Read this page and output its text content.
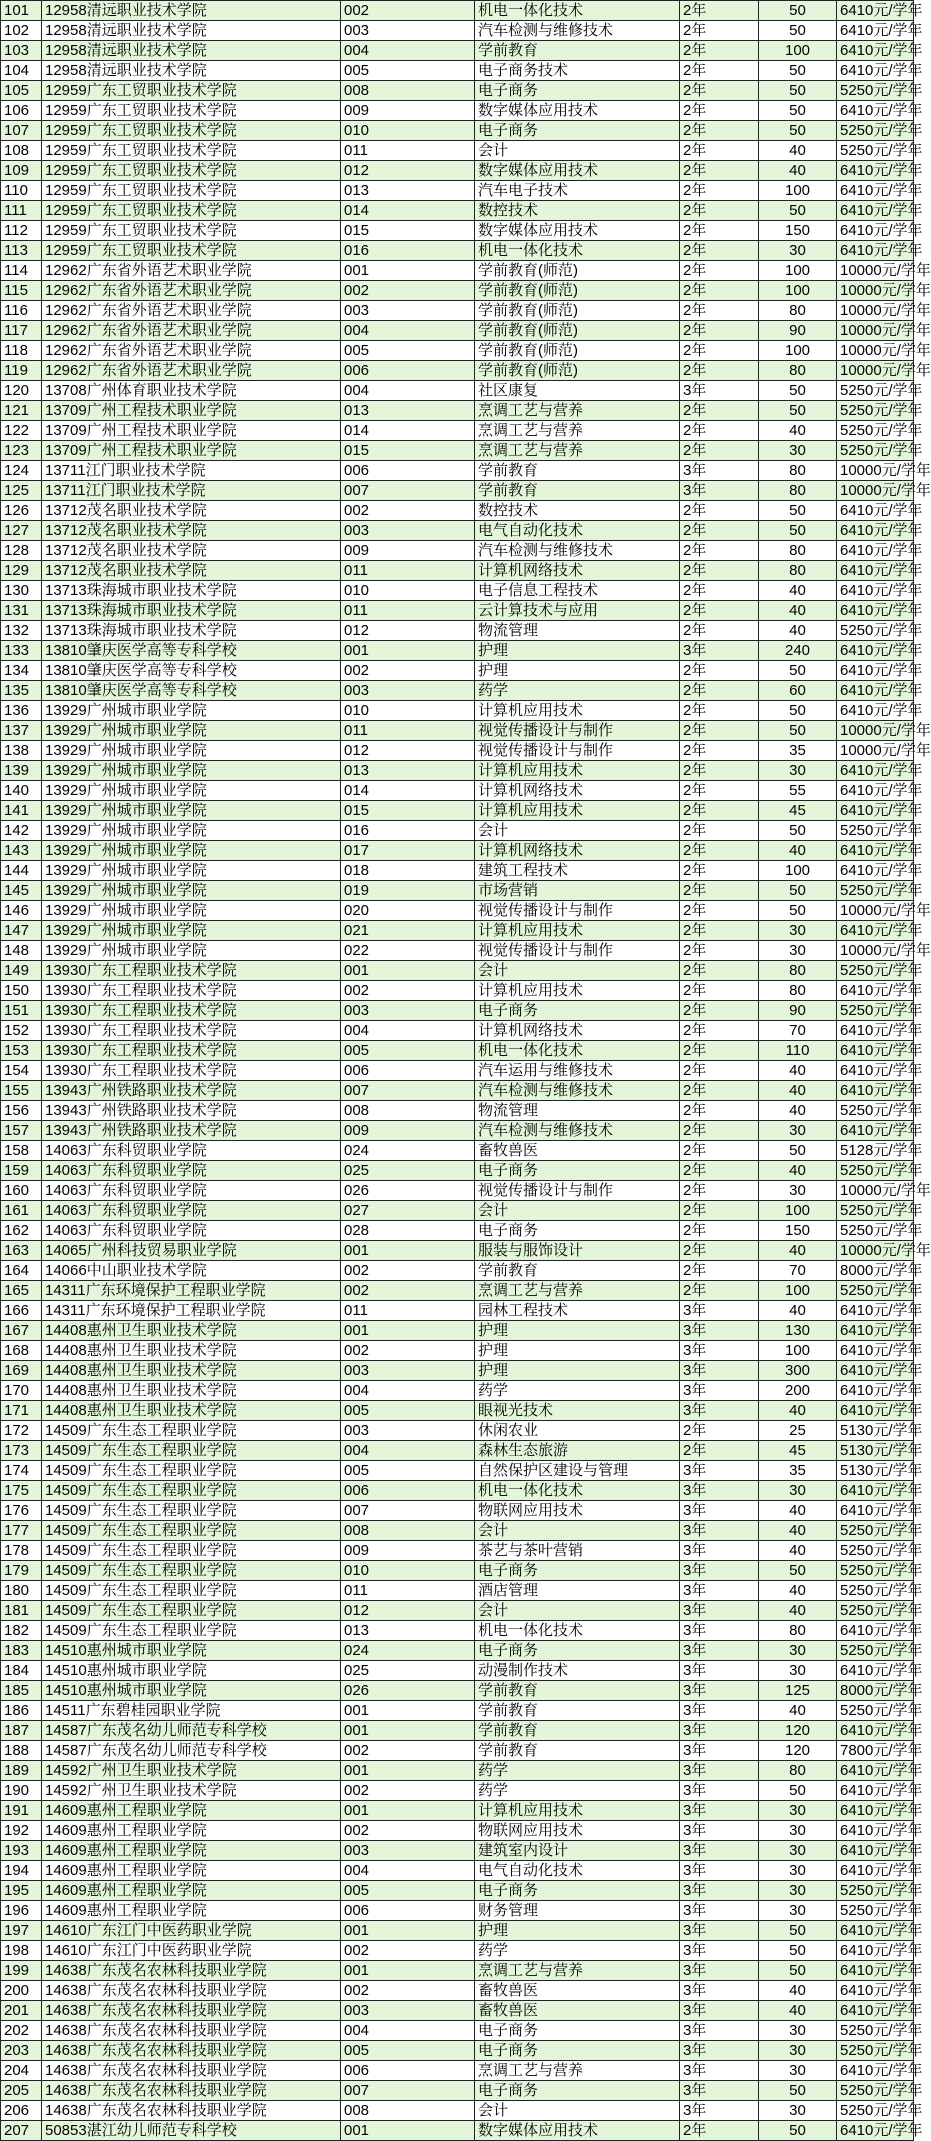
101	12958清远职业技术学院	002	机电一体化技术	2年	50	6410元/学年
102	12958清远职业技术学院	003	汽车检测与维修技术	2年	50	6410元/学年
103	12958清远职业技术学院	004	学前教育	2年	100	6410元/学年
104	12958清远职业技术学院	005	电子商务技术	2年	50	6410元/学年
105	12959广东工贸职业技术学院	008	电子商务	2年	50	5250元/学年
106	12959广东工贸职业技术学院	009	数字媒体应用技术	2年	50	6410元/学年
107	12959广东工贸职业技术学院	010	电子商务	2年	50	5250元/学年
108	12959广东工贸职业技术学院	011	会计	2年	40	5250元/学年
109	12959广东工贸职业技术学院	012	数字媒体应用技术	2年	40	6410元/学年
110	12959广东工贸职业技术学院	013	汽车电子技术	2年	100	6410元/学年
111	12959广东工贸职业技术学院	014	数控技术	2年	50	6410元/学年
112	12959广东工贸职业技术学院	015	数字媒体应用技术	2年	150	6410元/学年
113	12959广东工贸职业技术学院	016	机电一体化技术	2年	30	6410元/学年
114	12962广东省外语艺术职业学院	001	学前教育(师范)	2年	100	10000元/学年
115	12962广东省外语艺术职业学院	002	学前教育(师范)	2年	100	10000元/学年
116	12962广东省外语艺术职业学院	003	学前教育(师范)	2年	80	10000元/学年
117	12962广东省外语艺术职业学院	004	学前教育(师范)	2年	90	10000元/学年
118	12962广东省外语艺术职业学院	005	学前教育(师范)	2年	100	10000元/学年
119	12962广东省外语艺术职业学院	006	学前教育(师范)	2年	80	10000元/学年
120	13708广州体育职业技术学院	004	社区康复	3年	50	5250元/学年
121	13709广州工程技术职业学院	013	烹调工艺与营养	2年	50	5250元/学年
122	13709广州工程技术职业学院	014	烹调工艺与营养	2年	40	5250元/学年
123	13709广州工程技术职业学院	015	烹调工艺与营养	2年	30	5250元/学年
124	13711江门职业技术学院	006	学前教育	3年	80	10000元/学年
125	13711江门职业技术学院	007	学前教育	3年	80	10000元/学年
126	13712茂名职业技术学院	002	数控技术	2年	50	6410元/学年
127	13712茂名职业技术学院	003	电气自动化技术	2年	50	6410元/学年
128	13712茂名职业技术学院	009	汽车检测与维修技术	2年	80	6410元/学年
129	13712茂名职业技术学院	011	计算机网络技术	2年	80	6410元/学年
130	13713珠海城市职业技术学院	010	电子信息工程技术	2年	40	6410元/学年
131	13713珠海城市职业技术学院	011	云计算技术与应用	2年	40	6410元/学年
132	13713珠海城市职业技术学院	012	物流管理	2年	40	5250元/学年
133	13810肇庆医学高等专科学校	001	护理	3年	240	6410元/学年
134	13810肇庆医学高等专科学校	002	护理	2年	50	6410元/学年
135	13810肇庆医学高等专科学校	003	药学	2年	60	6410元/学年
136	13929广州城市职业学院	010	计算机应用技术	2年	50	6410元/学年
137	13929广州城市职业学院	011	视觉传播设计与制作	2年	50	10000元/学年
138	13929广州城市职业学院	012	视觉传播设计与制作	2年	35	10000元/学年
139	13929广州城市职业学院	013	计算机应用技术	2年	30	6410元/学年
140	13929广州城市职业学院	014	计算机网络技术	2年	55	6410元/学年
141	13929广州城市职业学院	015	计算机应用技术	2年	45	6410元/学年
142	13929广州城市职业学院	016	会计	2年	50	5250元/学年
143	13929广州城市职业学院	017	计算机网络技术	2年	40	6410元/学年
144	13929广州城市职业学院	018	建筑工程技术	2年	100	6410元/学年
145	13929广州城市职业学院	019	市场营销	2年	50	5250元/学年
146	13929广州城市职业学院	020	视觉传播设计与制作	2年	50	10000元/学年
147	13929广州城市职业学院	021	计算机应用技术	2年	30	6410元/学年
148	13929广州城市职业学院	022	视觉传播设计与制作	2年	30	10000元/学年
149	13930广东工程职业技术学院	001	会计	2年	80	5250元/学年
150	13930广东工程职业技术学院	002	计算机应用技术	2年	80	6410元/学年
151	13930广东工程职业技术学院	003	电子商务	2年	90	5250元/学年
152	13930广东工程职业技术学院	004	计算机网络技术	2年	70	6410元/学年
153	13930广东工程职业技术学院	005	机电一体化技术	2年	110	6410元/学年
154	13930广东工程职业技术学院	006	汽车运用与维修技术	2年	40	6410元/学年
155	13943广州铁路职业技术学院	007	汽车检测与维修技术	2年	40	6410元/学年
156	13943广州铁路职业技术学院	008	物流管理	2年	40	5250元/学年
157	13943广州铁路职业技术学院	009	汽车检测与维修技术	2年	30	6410元/学年
158	14063广东科贸职业学院	024	畜牧兽医	2年	50	5128元/学年
159	14063广东科贸职业学院	025	电子商务	2年	40	5250元/学年
160	14063广东科贸职业学院	026	视觉传播设计与制作	2年	30	10000元/学年
161	14063广东科贸职业学院	027	会计	2年	100	5250元/学年
162	14063广东科贸职业学院	028	电子商务	2年	150	5250元/学年
163	14065广州科技贸易职业学院	001	服装与服饰设计	2年	40	10000元/学年
164	14066中山职业技术学院	002	学前教育	2年	70	8000元/学年
165	14311广东环境保护工程职业学院	002	烹调工艺与营养	2年	100	5250元/学年
166	14311广东环境保护工程职业学院	011	园林工程技术	3年	40	6410元/学年
167	14408惠州卫生职业技术学院	001	护理	3年	130	6410元/学年
168	14408惠州卫生职业技术学院	002	护理	3年	100	6410元/学年
169	14408惠州卫生职业技术学院	003	护理	3年	300	6410元/学年
170	14408惠州卫生职业技术学院	004	药学	3年	200	6410元/学年
171	14408惠州卫生职业技术学院	005	眼视光技术	3年	40	6410元/学年
172	14509广东生态工程职业学院	003	休闲农业	2年	25	5130元/学年
173	14509广东生态工程职业学院	004	森林生态旅游	2年	45	5130元/学年
174	14509广东生态工程职业学院	005	自然保护区建设与管理	3年	35	5130元/学年
175	14509广东生态工程职业学院	006	机电一体化技术	3年	30	6410元/学年
176	14509广东生态工程职业学院	007	物联网应用技术	3年	40	6410元/学年
177	14509广东生态工程职业学院	008	会计	3年	40	5250元/学年
178	14509广东生态工程职业学院	009	茶艺与茶叶营销	3年	40	5250元/学年
179	14509广东生态工程职业学院	010	电子商务	3年	50	5250元/学年
180	14509广东生态工程职业学院	011	酒店管理	3年	40	5250元/学年
181	14509广东生态工程职业学院	012	会计	3年	40	5250元/学年
182	14509广东生态工程职业学院	013	机电一体化技术	3年	80	6410元/学年
183	14510惠州城市职业学院	024	电子商务	3年	30	5250元/学年
184	14510惠州城市职业学院	025	动漫制作技术	3年	30	6410元/学年
185	14510惠州城市职业学院	026	学前教育	3年	125	8000元/学年
186	14511广东碧桂园职业学院	001	学前教育	3年	40	5250元/学年
187	14587广东茂名幼儿师范专科学校	001	学前教育	3年	120	6410元/学年
188	14587广东茂名幼儿师范专科学校	002	学前教育	3年	120	7800元/学年
189	14592广州卫生职业技术学院	001	药学	3年	80	6410元/学年
190	14592广州卫生职业技术学院	002	药学	3年	50	6410元/学年
191	14609惠州工程职业学院	001	计算机应用技术	3年	30	6410元/学年
192	14609惠州工程职业学院	002	物联网应用技术	3年	30	6410元/学年
193	14609惠州工程职业学院	003	建筑室内设计	3年	30	6410元/学年
194	14609惠州工程职业学院	004	电气自动化技术	3年	30	6410元/学年
195	14609惠州工程职业学院	005	电子商务	3年	30	5250元/学年
196	14609惠州工程职业学院	006	财务管理	3年	30	5250元/学年
197	14610广东江门中医药职业学院	001	护理	3年	50	6410元/学年
198	14610广东江门中医药职业学院	002	药学	3年	50	6410元/学年
199	14638广东茂名农林科技职业学院	001	烹调工艺与营养	3年	50	6410元/学年
200	14638广东茂名农林科技职业学院	002	畜牧兽医	3年	40	6410元/学年
201	14638广东茂名农林科技职业学院	003	畜牧兽医	3年	40	6410元/学年
202	14638广东茂名农林科技职业学院	004	电子商务	3年	30	5250元/学年
203	14638广东茂名农林科技职业学院	005	电子商务	3年	30	5250元/学年
204	14638广东茂名农林科技职业学院	006	烹调工艺与营养	3年	30	6410元/学年
205	14638广东茂名农林科技职业学院	007	电子商务	3年	50	5250元/学年
206	14638广东茂名农林科技职业学院	008	会计	3年	30	5250元/学年
207	50853湛江幼儿师范专科学校	001	数字媒体应用技术	2年	50	6410元/学年
